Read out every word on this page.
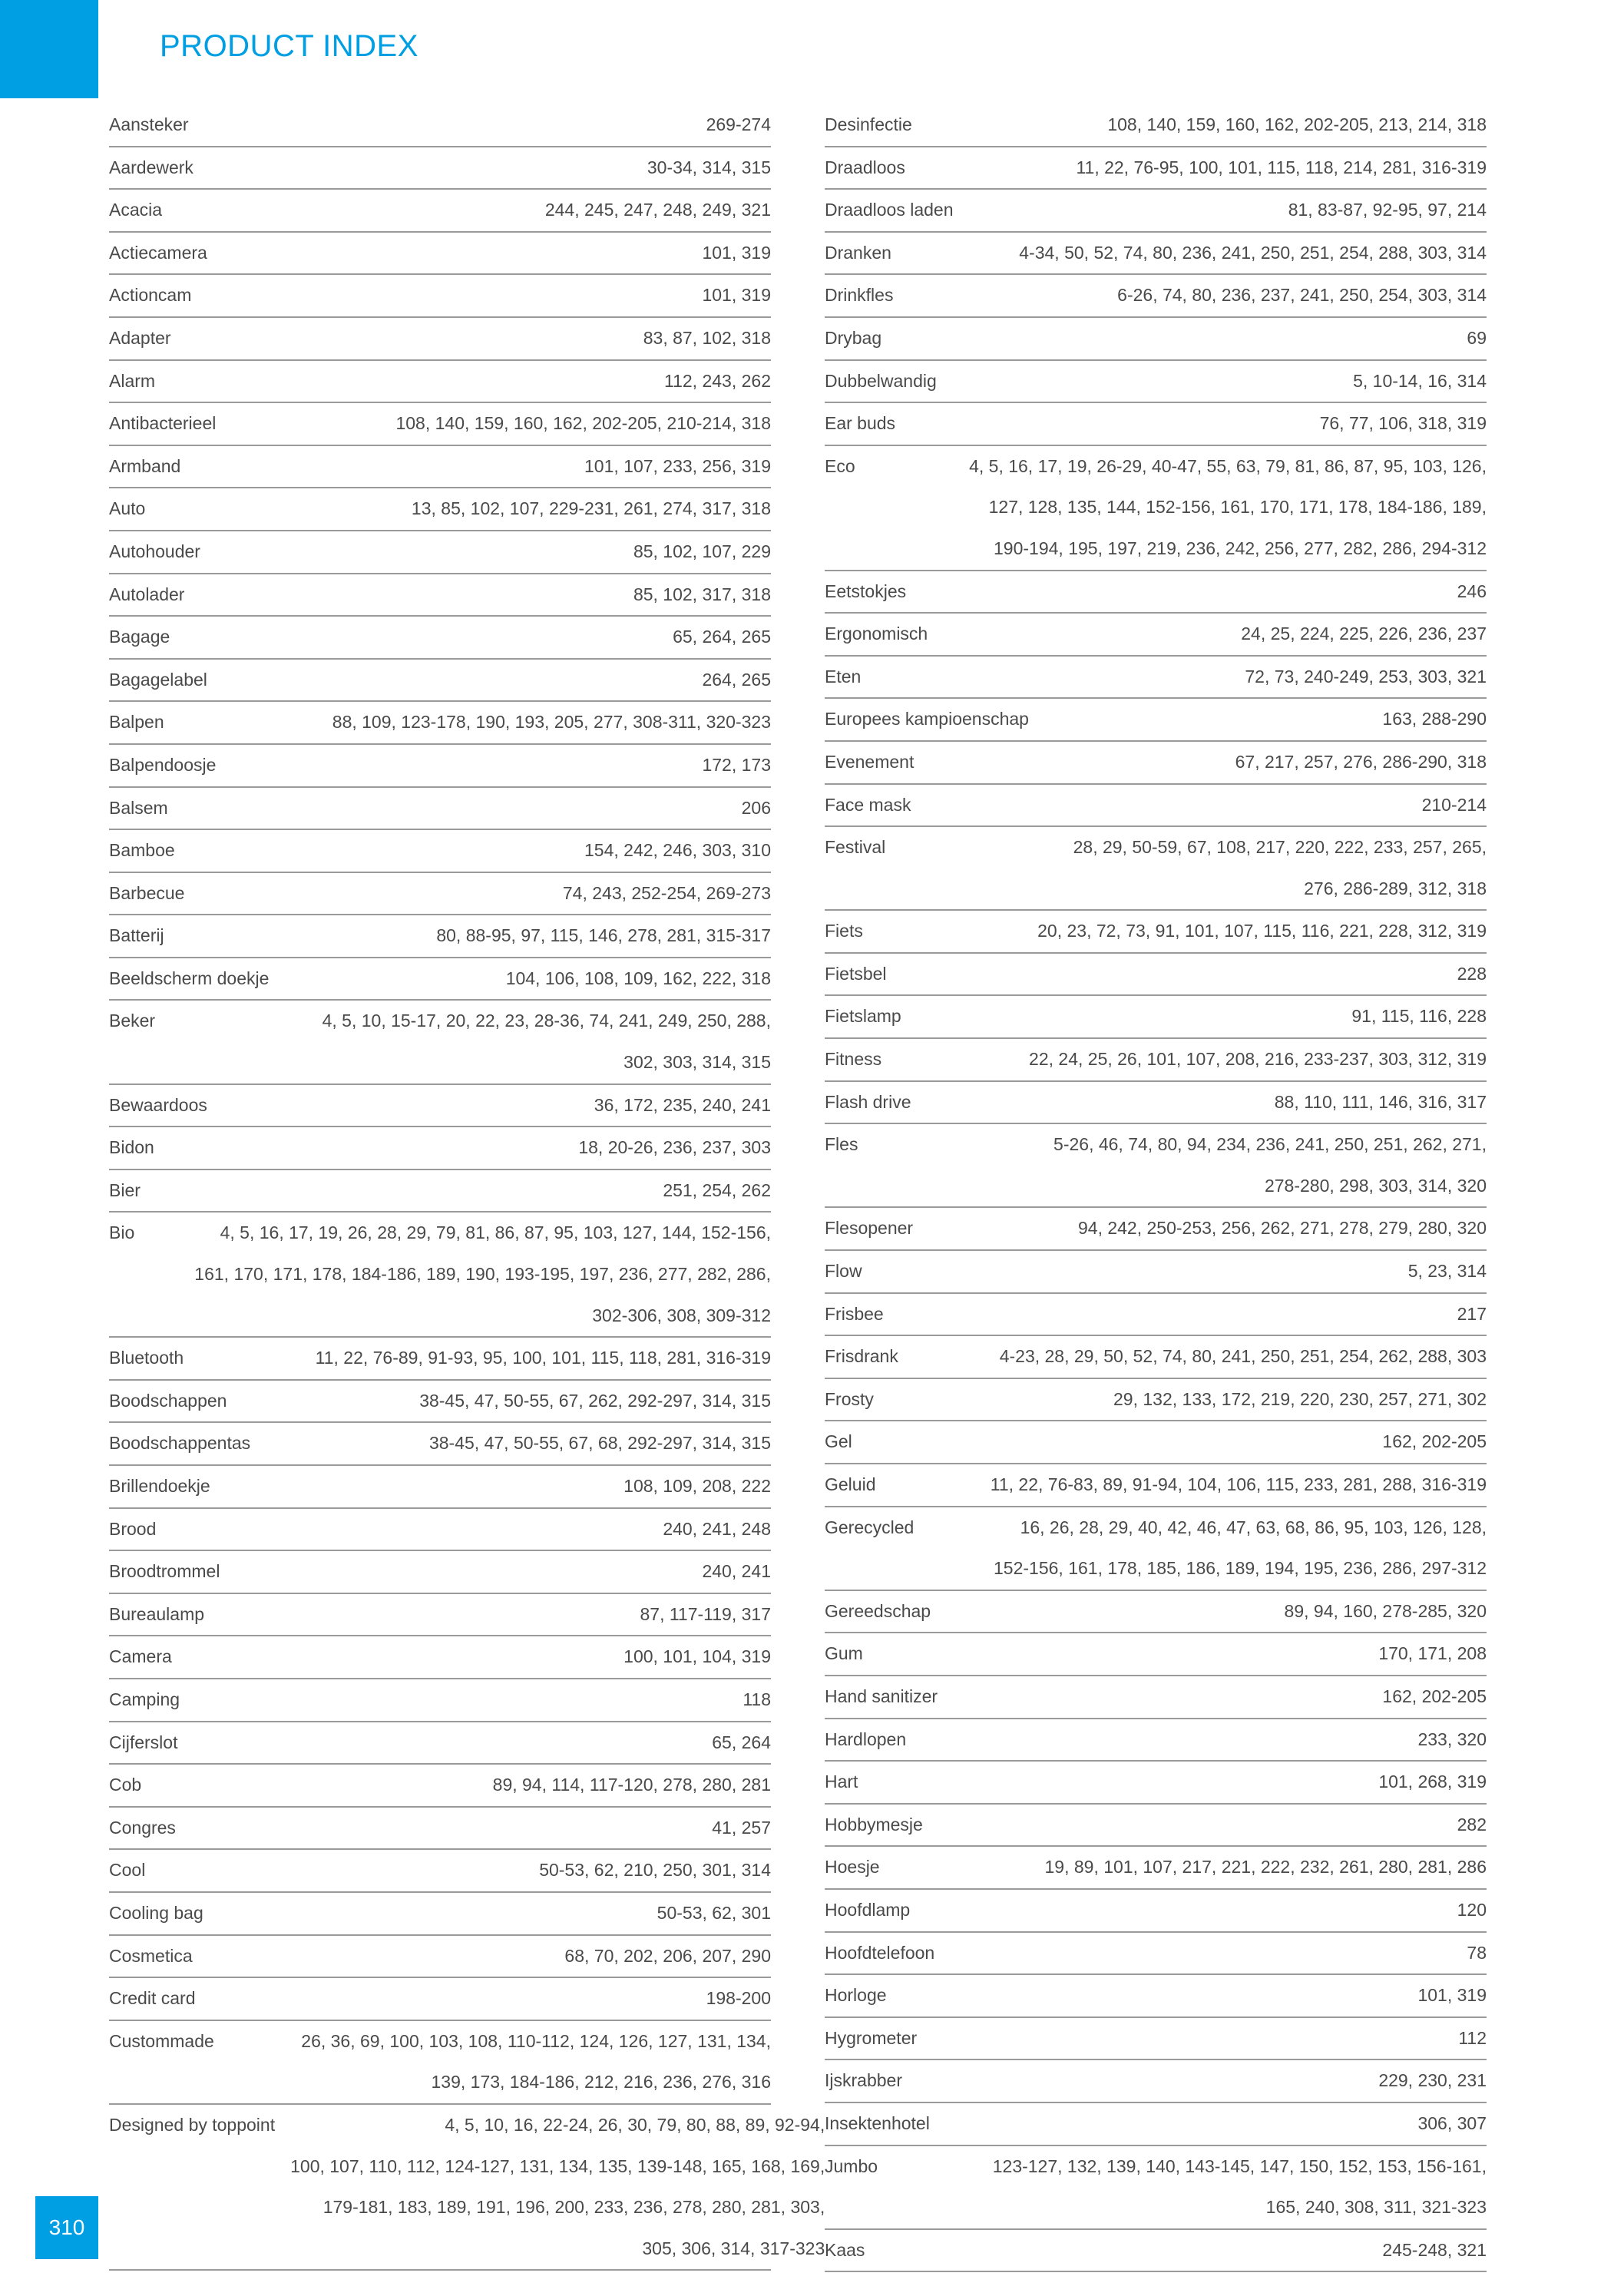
PRODUCT INDEX
Aansteker	269-274
Aardewerk	30-34, 314, 315
Acacia	244, 245, 247, 248, 249, 321
Actiecamera	101, 319
Actioncam	101, 319
Adapter	83, 87, 102, 318
Alarm	112, 243, 262
Antibacterieel	108, 140, 159, 160, 162, 202-205, 210-214, 318
Armband	101, 107, 233, 256, 319
Auto	13, 85, 102, 107, 229-231, 261, 274, 317, 318
Autohouder	85, 102, 107, 229
Autolader	85, 102, 317, 318
Bagage	65, 264, 265
Bagagelabel	264, 265
Balpen	88, 109, 123-178, 190, 193, 205, 277, 308-311, 320-323
Balpendoosje	172, 173
Balsem	206
Bamboe	154, 242, 246, 303, 310
Barbecue	74, 243, 252-254, 269-273
Batterij	80, 88-95, 97, 115, 146, 278, 281, 315-317
Beeldscherm doekje	104, 106, 108, 109, 162, 222, 318
Beker	4, 5, 10, 15-17, 20, 22, 23, 28-36, 74, 241, 249, 250, 288,
302, 303, 314, 315
Bewaardoos	36, 172, 235, 240, 241
Bidon	18, 20-26, 236, 237, 303
Bier	251, 254, 262
Bio	4, 5, 16, 17, 19, 26, 28, 29, 79, 81, 86, 87, 95, 103, 127, 144, 152-156,
161, 170, 171, 178, 184-186, 189, 190, 193-195, 197, 236, 277, 282, 286,
302-306, 308, 309-312
Bluetooth	11, 22, 76-89, 91-93, 95, 100, 101, 115, 118, 281, 316-319
Boodschappen	38-45, 47, 50-55, 67, 262, 292-297, 314, 315
Boodschappentas	38-45, 47, 50-55, 67, 68, 292-297, 314, 315
Brillendoekje	108, 109, 208, 222
Brood	240, 241, 248
Broodtrommel	240, 241
Bureaulamp	87, 117-119, 317
Camera	100, 101, 104, 319
Camping	118
Cijferslot	65, 264
Cob	89, 94, 114, 117-120, 278, 280, 281
Congres	41, 257
Cool	50-53, 62, 210, 250, 301, 314
Cooling bag	50-53, 62, 301
Cosmetica	68, 70, 202, 206, 207, 290
Credit card	198-200
Custommade	26, 36, 69, 100, 103, 108, 110-112, 124, 126, 127, 131, 134,
139, 173, 184-186, 212, 216, 236, 276, 316
Designed by toppoint	4, 5, 10, 16, 22-24, 26, 30, 79, 80, 88, 89, 92-94,
100, 107, 110, 112, 124-127, 131, 134, 135, 139-148, 165, 168, 169,
179-181, 183, 189, 191, 196, 200, 233, 236, 278, 280, 281, 303,
305, 306, 314, 317-323
Desinfectie	108, 140, 159, 160, 162, 202-205, 213, 214, 318
Draadloos	11, 22, 76-95, 100, 101, 115, 118, 214, 281, 316-319
Draadloos laden	81, 83-87, 92-95, 97, 214
Dranken	4-34, 50, 52, 74, 80, 236, 241, 250, 251, 254, 288, 303, 314
Drinkfles	6-26, 74, 80, 236, 237, 241, 250, 254, 303, 314
Drybag	69
Dubbelwandig	5, 10-14, 16, 314
Ear buds	76, 77, 106, 318, 319
Eco	4, 5, 16, 17, 19, 26-29, 40-47, 55, 63, 79, 81, 86, 87, 95, 103, 126,
127, 128, 135, 144, 152-156, 161, 170, 171, 178, 184-186, 189,
190-194, 195, 197, 219, 236, 242, 256, 277, 282, 286, 294-312
Eetstokjes	246
Ergonomisch	24, 25, 224, 225, 226, 236, 237
Eten	72, 73, 240-249, 253, 303, 321
Europees kampioenschap	163, 288-290
Evenement	67, 217, 257, 276, 286-290, 318
Face mask	210-214
Festival	28, 29, 50-59, 67, 108, 217, 220, 222, 233, 257, 265,
276, 286-289, 312, 318
Fiets	20, 23, 72, 73, 91, 101, 107, 115, 116, 221, 228, 312, 319
Fietsbel	228
Fietslamp	91, 115, 116, 228
Fitness	22, 24, 25, 26, 101, 107, 208, 216, 233-237, 303, 312, 319
Flash drive	88, 110, 111, 146, 316, 317
Fles	5-26, 46, 74, 80, 94, 234, 236, 241, 250, 251, 262, 271,
278-280, 298, 303, 314, 320
Flesopener	94, 242, 250-253, 256, 262, 271, 278, 279, 280, 320
Flow	5, 23, 314
Frisbee	217
Frisdrank	4-23, 28, 29, 50, 52, 74, 80, 241, 250, 251, 254, 262, 288, 303
Frosty	29, 132, 133, 172, 219, 220, 230, 257, 271, 302
Gel	162, 202-205
Geluid	11, 22, 76-83, 89, 91-94, 104, 106, 115, 233, 281, 288, 316-319
Gerecycled	16, 26, 28, 29, 40, 42, 46, 47, 63, 68, 86, 95, 103, 126, 128,
152-156, 161, 178, 185, 186, 189, 194, 195, 236, 286, 297-312
Gereedschap	89, 94, 160, 278-285, 320
Gum	170, 171, 208
Hand sanitizer	162, 202-205
Hardlopen	233, 320
Hart	101, 268, 319
Hobbymesje	282
Hoesje	19, 89, 101, 107, 217, 221, 222, 232, 261, 280, 281, 286
Hoofdlamp	120
Hoofdtelefoon	78
Horloge	101, 319
Hygrometer	112
Ijskrabber	229, 230, 231
Insektenhotel	306, 307
Jumbo	123-127, 132, 139, 140, 143-145, 147, 150, 152, 153, 156-161,
165, 240, 308, 311, 321-323
Kaas	245-248, 321
310
